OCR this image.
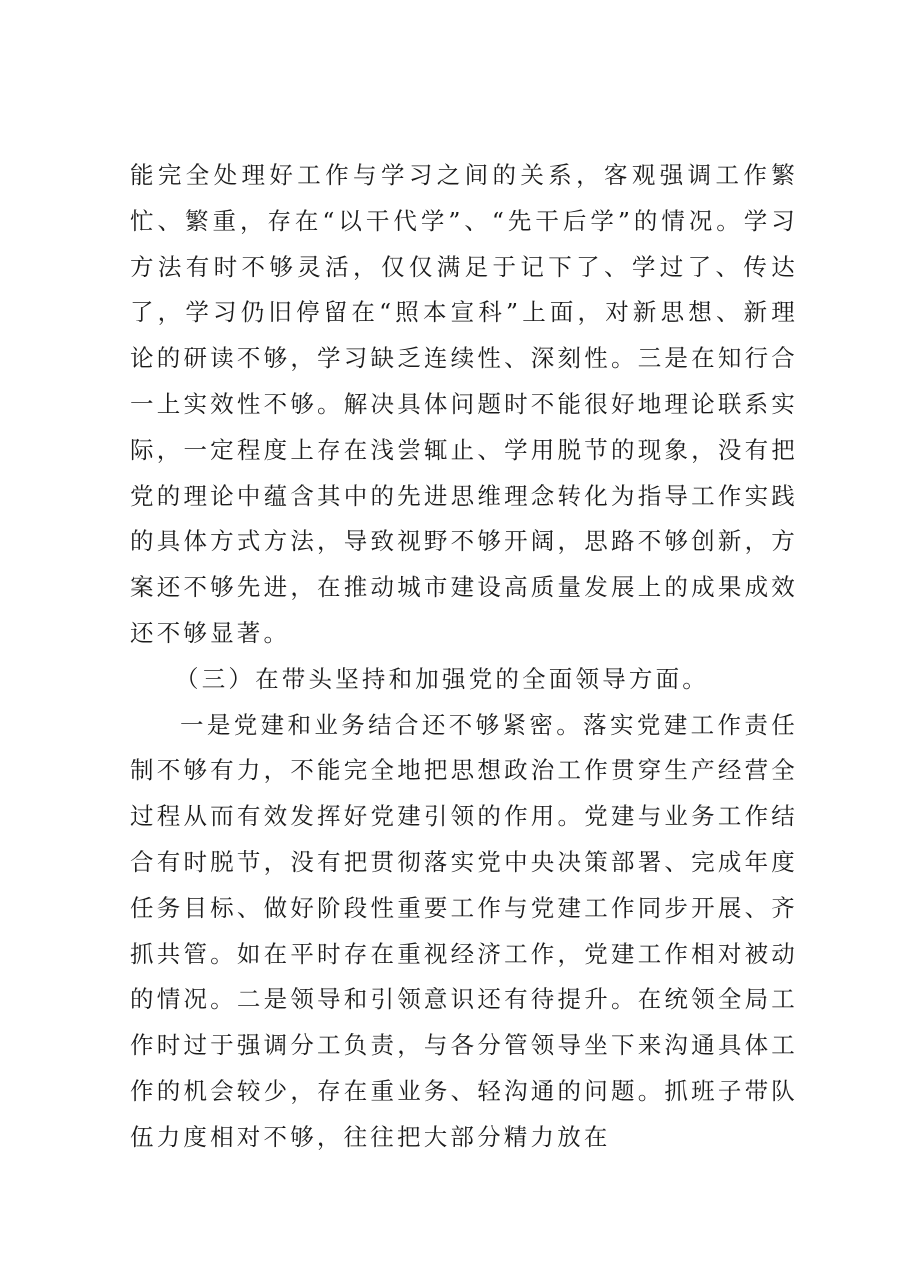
能完全处理好工作与学习之间的关系，客观强调工作繁忙、繁重，存在“以干代学”、“先干后学”的情况。学习方法有时不够灵活，仅仅满足于记下了、学过了、传达了，学习仍旧停留在“照本宣科”上面，对新思想、新理论的研读不够，学习缺乏连续性、深刻性。三是在知行合一上实效性不够。解决具体问题时不能很好地理论联系实际，一定程度上存在浅尝辄止、学用脱节的现象，没有把党的理论中蕴含其中的先进思维理念转化为指导工作实践的具体方式方法，导致视野不够开阔，思路不够创新，方案还不够先进，在推动城市建设高质量发展上的成果成效还不够显著。

（三）在带头坚持和加强党的全面领导方面。

一是党建和业务结合还不够紧密。落实党建工作责任制不够有力，不能完全地把思想政治工作贯穿生产经营全过程从而有效发挥好党建引领的作用。党建与业务工作结合有时脱节，没有把贯彻落实党中央决策部署、完成年度任务目标、做好阶段性重要工作与党建工作同步开展、齐抓共管。如在平时存在重视经济工作，党建工作相对被动的情况。二是领导和引领意识还有待提升。在统领全局工作时过于强调分工负责，与各分管领导坐下来沟通具体工作的机会较少，存在重业务、轻沟通的问题。抓班子带队伍力度相对不够，往往把大部分精力放在
